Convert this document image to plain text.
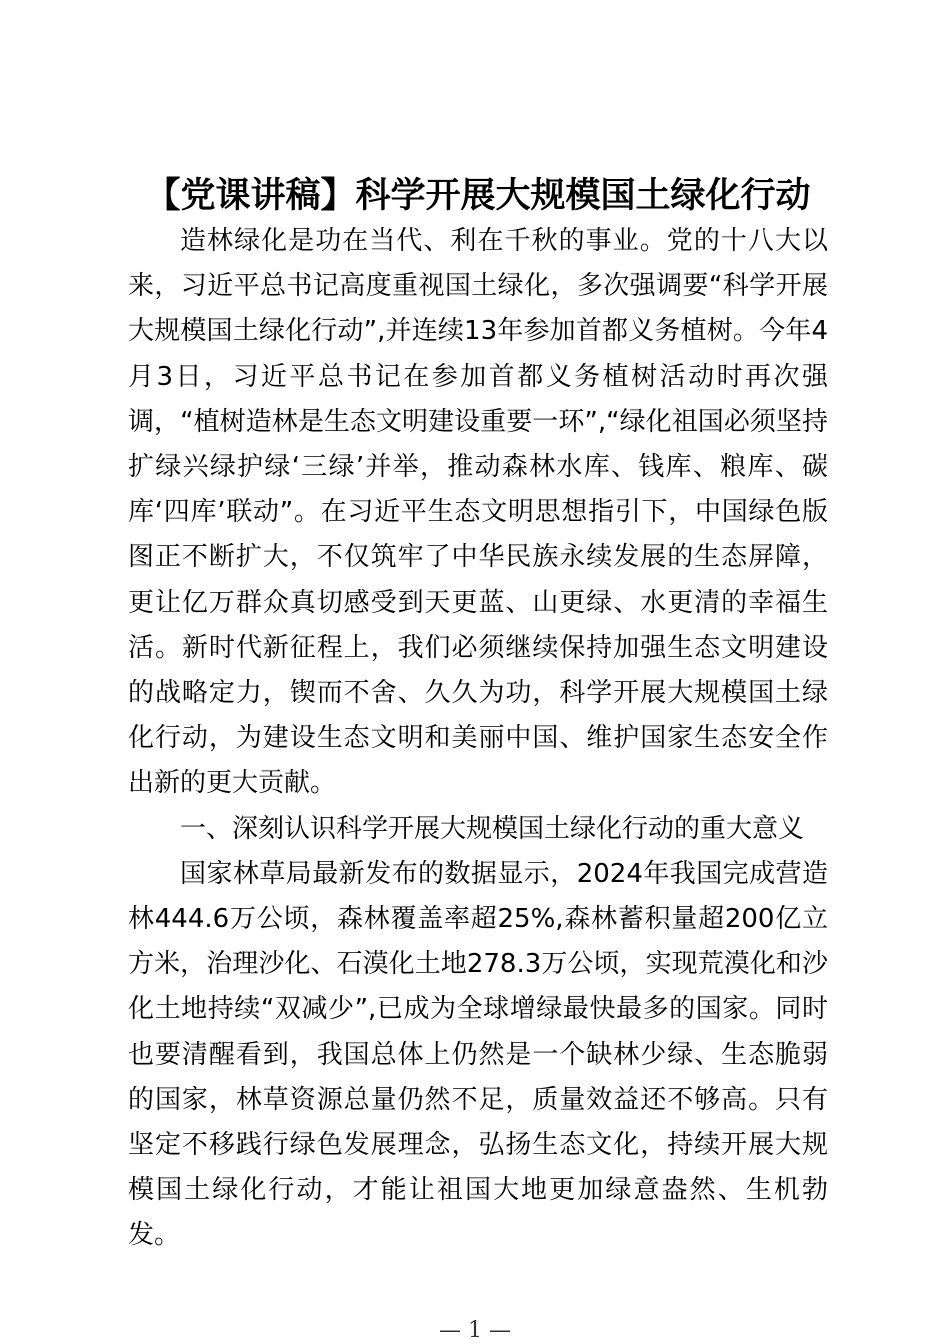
【党课讲稿】科学开展大规模国土绿化行动

造林绿化是功在当代、利在千秋的事业。党的十八大以来，习近平总书记高度重视国土绿化，多次强调要“科学开展大规模国土绿化行动”,并连续13年参加首都义务植树。今年4月3日，习近平总书记在参加首都义务植树活动时再次强调，“植树造林是生态文明建设重要一环”,“绿化祖国必须坚持扩绿兴绿护绿‘三绿’并举，推动森林水库、钱库、粮库、碳库‘四库’联动”。在习近平生态文明思想指引下，中国绿色版图正不断扩大，不仅筑牢了中华民族永续发展的生态屏障，更让亿万群众真切感受到天更蓝、山更绿、水更清的幸福生活。新时代新征程上，我们必须继续保持加强生态文明建设的战略定力，锲而不舍、久久为功，科学开展大规模国土绿化行动，为建设生态文明和美丽中国、维护国家生态安全作出新的更大贡献。

一、深刻认识科学开展大规模国土绿化行动的重大意义

国家林草局最新发布的数据显示，2024年我国完成营造林444.6万公顷，森林覆盖率超25%,森林蓄积量超200亿立方米，治理沙化、石漠化土地278.3万公顷，实现荒漠化和沙化土地持续“双减少”,已成为全球增绿最快最多的国家。同时也要清醒看到，我国总体上仍然是一个缺林少绿、生态脆弱的国家，林草资源总量仍然不足，质量效益还不够高。只有坚定不移践行绿色发展理念，弘扬生态文化，持续开展大规模国土绿化行动，才能让祖国大地更加绿意盎然、生机勃发。

— 1 —
